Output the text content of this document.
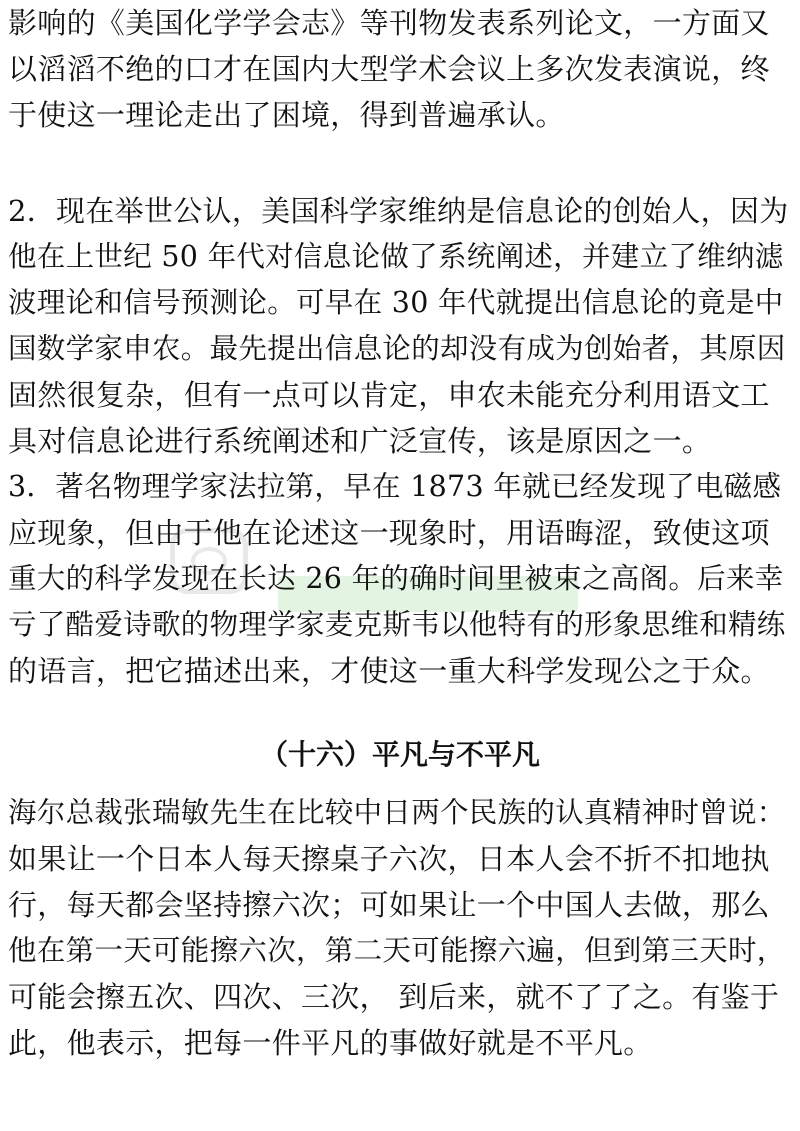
影响的《美国化学学会志》等刊物发表系列论文，一方面又
以滔滔不绝的口才在国内大型学术会议上多次发表演说，终
于使这一理论走出了困境，得到普遍承认。
2．现在举世公认，美国科学家维纳是信息论的创始人，因为
他在上世纪 50 年代对信息论做了系统阐述，并建立了维纳滤
波理论和信号预测论。可早在 30 年代就提出信息论的竟是中
国数学家申农。最先提出信息论的却没有成为创始者，其原因
固然很复杂，但有一点可以肯定，申农未能充分利用语文工
具对信息论进行系统阐述和广泛宣传，该是原因之一。
3．著名物理学家法拉第，早在 1873 年就已经发现了电磁感
应现象，但由于他在论述这一现象时，用语晦涩，致使这项
重大的科学发现在长达 26 年的确时间里被束之高阁。后来幸
亏了酷爱诗歌的物理学家麦克斯韦以他特有的形象思维和精练
的语言，把它描述出来，才使这一重大科学发现公之于众。
（十六）平凡与不平凡
海尔总裁张瑞敏先生在比较中日两个民族的认真精神时曾说：
如果让一个日本人每天擦桌子六次，日本人会不折不扣地执
行，每天都会坚持擦六次；可如果让一个中国人去做，那么
他在第一天可能擦六次，第二天可能擦六遍，但到第三天时，
可能会擦五次、四次、三次， 到后来，就不了了之。有鉴于
此，他表示，把每一件平凡的事做好就是不平凡。
